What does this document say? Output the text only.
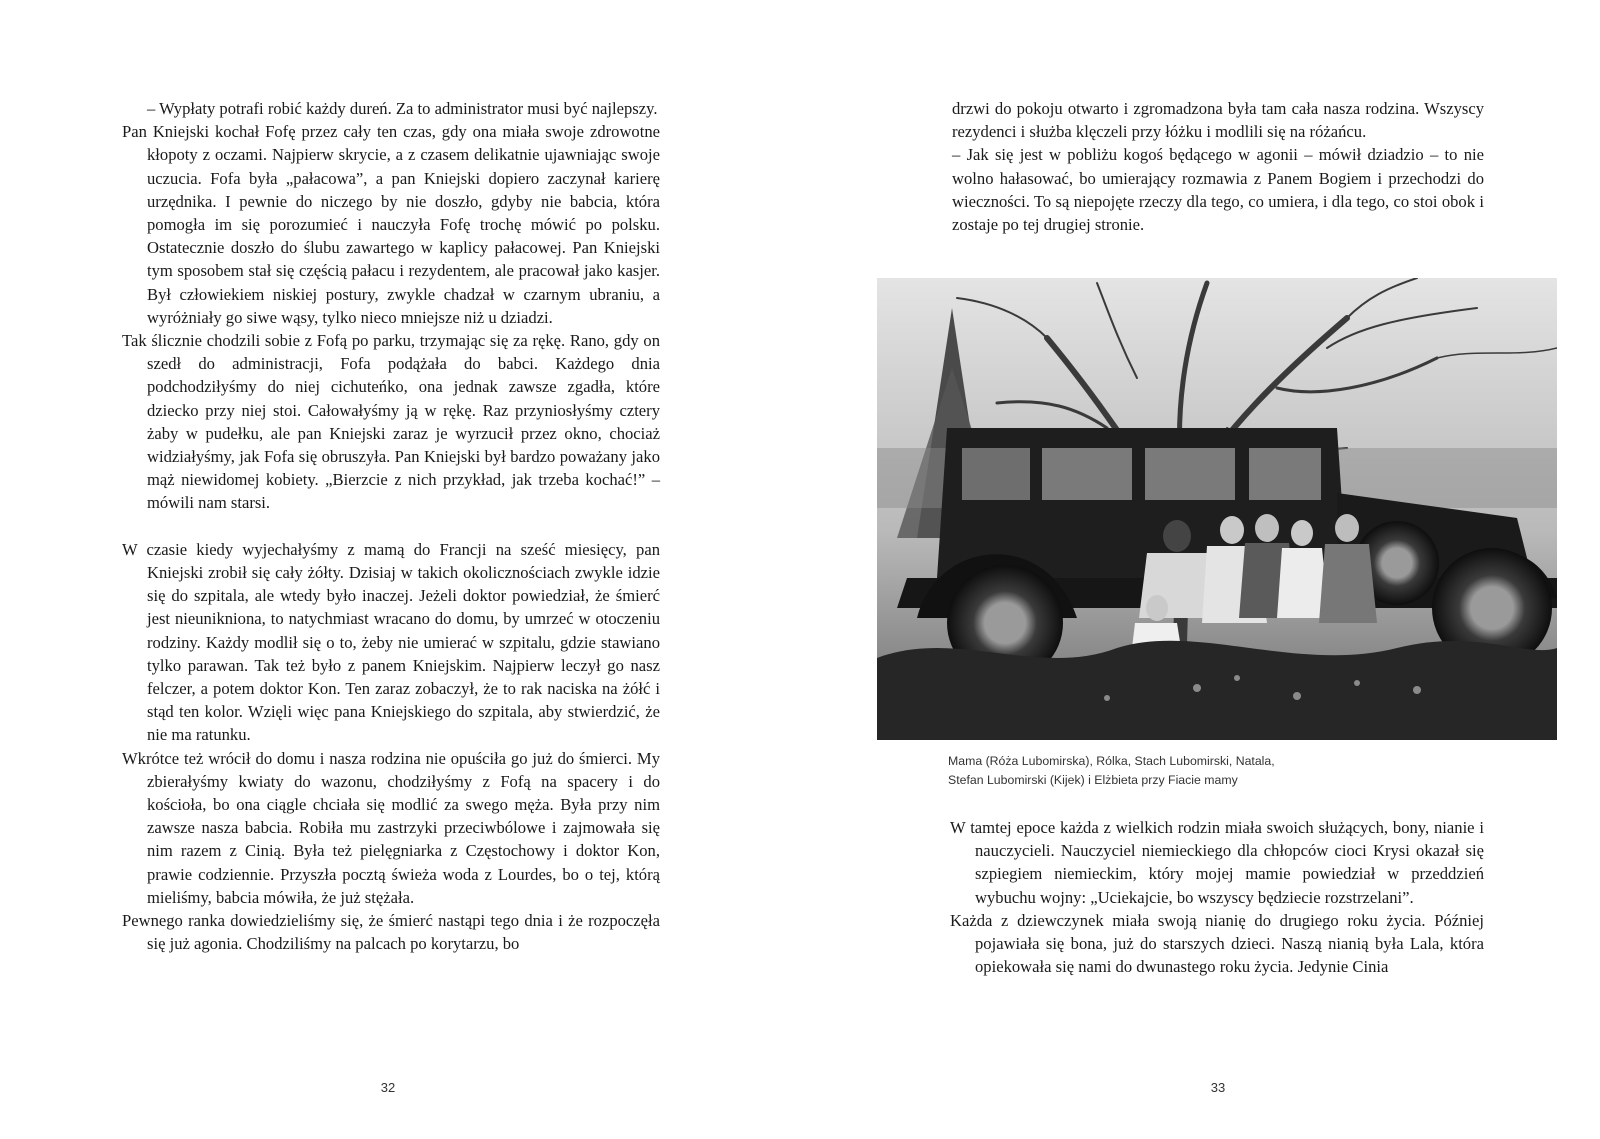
– Wypłaty potrafi robić każdy dureń. Za to administrator musi być najlepszy.

Pan Kniejski kochał Fofę przez cały ten czas, gdy ona miała swoje zdrowotne kłopoty z oczami. Najpierw skrycie, a z czasem delikatnie ujawniając swoje uczucia. Fofa była „pałacowa”, a pan Kniejski dopiero zaczynał karierę urzędnika. I pewnie do niczego by nie doszło, gdyby nie babcia, która pomogła im się porozumieć i nauczyła Fofę trochę mówić po polsku. Ostatecznie doszło do ślubu zawartego w kaplicy pałacowej. Pan Kniejski tym sposobem stał się częścią pałacu i rezydentem, ale pracował jako kasjer. Był człowiekiem niskiej postury, zwykle chadzał w czarnym ubraniu, a wyróżniały go siwe wąsy, tylko nieco mniejsze niż u dziadzi.

Tak ślicznie chodzili sobie z Fofą po parku, trzymając się za rękę. Rano, gdy on szedł do administracji, Fofa podążała do babci. Każdego dnia podchodziłyśmy do niej cichuteńko, ona jednak zawsze zgadła, które dziecko przy niej stoi. Całowałyśmy ją w rękę. Raz przyniosłyśmy cztery żaby w pudełku, ale pan Kniejski zaraz je wyrzucił przez okno, chociaż widziałyśmy, jak Fofa się obruszyła. Pan Kniejski był bardzo poważany jako mąż niewidomej kobiety. „Bierzcie z nich przykład, jak trzeba kochać!” – mówili nam starsi.

W czasie kiedy wyjechałyśmy z mamą do Francji na sześć miesięcy, pan Kniejski zrobił się cały żółty. Dzisiaj w takich okolicznościach zwykle idzie się do szpitala, ale wtedy było inaczej. Jeżeli doktor powiedział, że śmierć jest nieunikniona, to natychmiast wracano do domu, by umrzeć w otoczeniu rodziny. Każdy modlił się o to, żeby nie umierać w szpitalu, gdzie stawiano tylko parawan. Tak też było z panem Kniejskim. Najpierw leczył go nasz felczer, a potem doktor Kon. Ten zaraz zobaczył, że to rak naciska na żółć i stąd ten kolor. Wzięli więc pana Kniejskiego do szpitala, aby stwierdzić, że nie ma ratunku.

Wkrótce też wrócił do domu i nasza rodzina nie opuściła go już do śmierci. My zbierałyśmy kwiaty do wazonu, chodziłyśmy z Fofą na spacery i do kościoła, bo ona ciągle chciała się modlić za swego męża. Była przy nim zawsze nasza babcia. Robiła mu zastrzyki przeciwbólowe i zajmowała się nim razem z Cinią. Była też pielęgniarka z Częstochowy i doktor Kon, prawie codziennie. Przyszła pocztą świeża woda z Lourdes, bo o tej, którą mieliśmy, babcia mówiła, że już stężała.

Pewnego ranka dowiedzieliśmy się, że śmierć nastąpi tego dnia i że rozpoczęła się już agonia. Chodziliśmy na palcach po korytarzu, bo

32

drzwi do pokoju otwarto i zgromadzona była tam cała nasza rodzina. Wszyscy rezydenci i służba klęczeli przy łóżku i modlili się na różańcu.

– Jak się jest w pobliżu kogoś będącego w agonii – mówił dziadzio – to nie wolno hałasować, bo umierający rozmawia z Panem Bogiem i przechodzi do wieczności. To są niepojęte rzeczy dla tego, co umiera, i dla tego, co stoi obok i zostaje po tej drugiej stronie.

Mama (Róża Lubomirska), Rólka, Stach Lubomirski, Natala,
Stefan Lubomirski (Kijek) i Elżbieta przy Fiacie mamy

W tamtej epoce każda z wielkich rodzin miała swoich służących, bony, nianie i nauczycieli. Nauczyciel niemieckiego dla chłopców cioci Krysi okazał się szpiegiem niemieckim, który mojej mamie powiedział w przeddzień wybuchu wojny: „Uciekajcie, bo wszyscy będziecie rozstrzelani”.

Każda z dziewczynek miała swoją nianię do drugiego roku życia. Później pojawiała się bona, już do starszych dzieci. Naszą nianią była Lala, która opiekowała się nami do dwunastego roku życia. Jedynie Cinia

33
